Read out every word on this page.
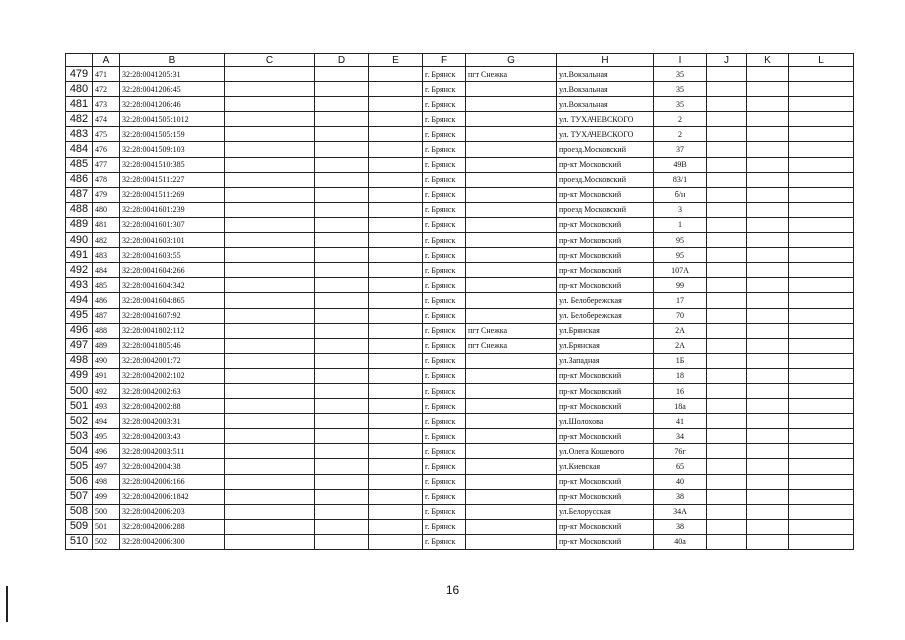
	A	B	C	D	E	F	G	H	I	J	K	L
479	471	32:28:0041205:31				г. Брянск	пгт Снежка	ул.Вокзальная	35			
480	472	32:28:0041206:45				г. Брянск		ул.Вокзальная	35			
481	473	32:28:0041206:46				г. Брянск		ул.Вокзальная	35			
482	474	32:28:0041505:1012				г. Брянск		ул. ТУХАЧЕВСКОГО	2			
483	475	32:28:0041505:159				г. Брянск		ул. ТУХАЧЕВСКОГО	2			
484	476	32:28:0041509:103				г. Брянск		проезд.Московский	37			
485	477	32:28:0041510:385				г. Брянск		пр-кт Московский	49В			
486	478	32:28:0041511:227				г. Брянск		проезд.Московский	83/1			
487	479	32:28:0041511:269				г. Брянск		пр-кт Московский	б/н			
488	480	32:28:0041601:239				г. Брянск		проезд Московский	3			
489	481	32:28:0041601:307				г. Брянск		пр-кт Московский	1			
490	482	32:28:0041603:101				г. Брянск		пр-кт Московский	95			
491	483	32:28:0041603:55				г. Брянск		пр-кт Московский	95			
492	484	32:28:0041604:266				г. Брянск		пр-кт Московский	107А			
493	485	32:28:0041604:342				г. Брянск		пр-кт Московский	99			
494	486	32:28:0041604:865				г. Брянск		ул. Белобережская	17			
495	487	32:28:0041607:92				г. Брянск		ул. Белобережская	70			
496	488	32:28:0041802:112				г. Брянск	пгт Снежка	ул.Брянская	2А			
497	489	32:28:0041805:46				г. Брянск	пгт Снежка	ул.Брянская	2А			
498	490	32:28:0042001:72				г. Брянск		ул.Западная	1Б			
499	491	32:28:0042002:102				г. Брянск		пр-кт Московский	18			
500	492	32:28:0042002:63				г. Брянск		пр-кт Московский	16			
501	493	32:28:0042002:88				г. Брянск		пр-кт Московский	18а			
502	494	32:28:0042003:31				г. Брянск		ул.Шолохова	41			
503	495	32:28:0042003:43				г. Брянск		пр-кт Московский	34			
504	496	32:28:0042003:511				г. Брянск		ул.Олега Кошевого	76г			
505	497	32:28:0042004:38				г. Брянск		ул.Киевская	65			
506	498	32:28:0042006:166				г. Брянск		пр-кт Московский	40			
507	499	32:28:0042006:1842				г. Брянск		пр-кт Московский	38			
508	500	32:28:0042006:203				г. Брянск		ул.Белорусская	34А			
509	501	32:28:0042006:288				г. Брянск		пр-кт Московский	38			
510	502	32:28:0042006:300				г. Брянск		пр-кт Московский	40а			
16
